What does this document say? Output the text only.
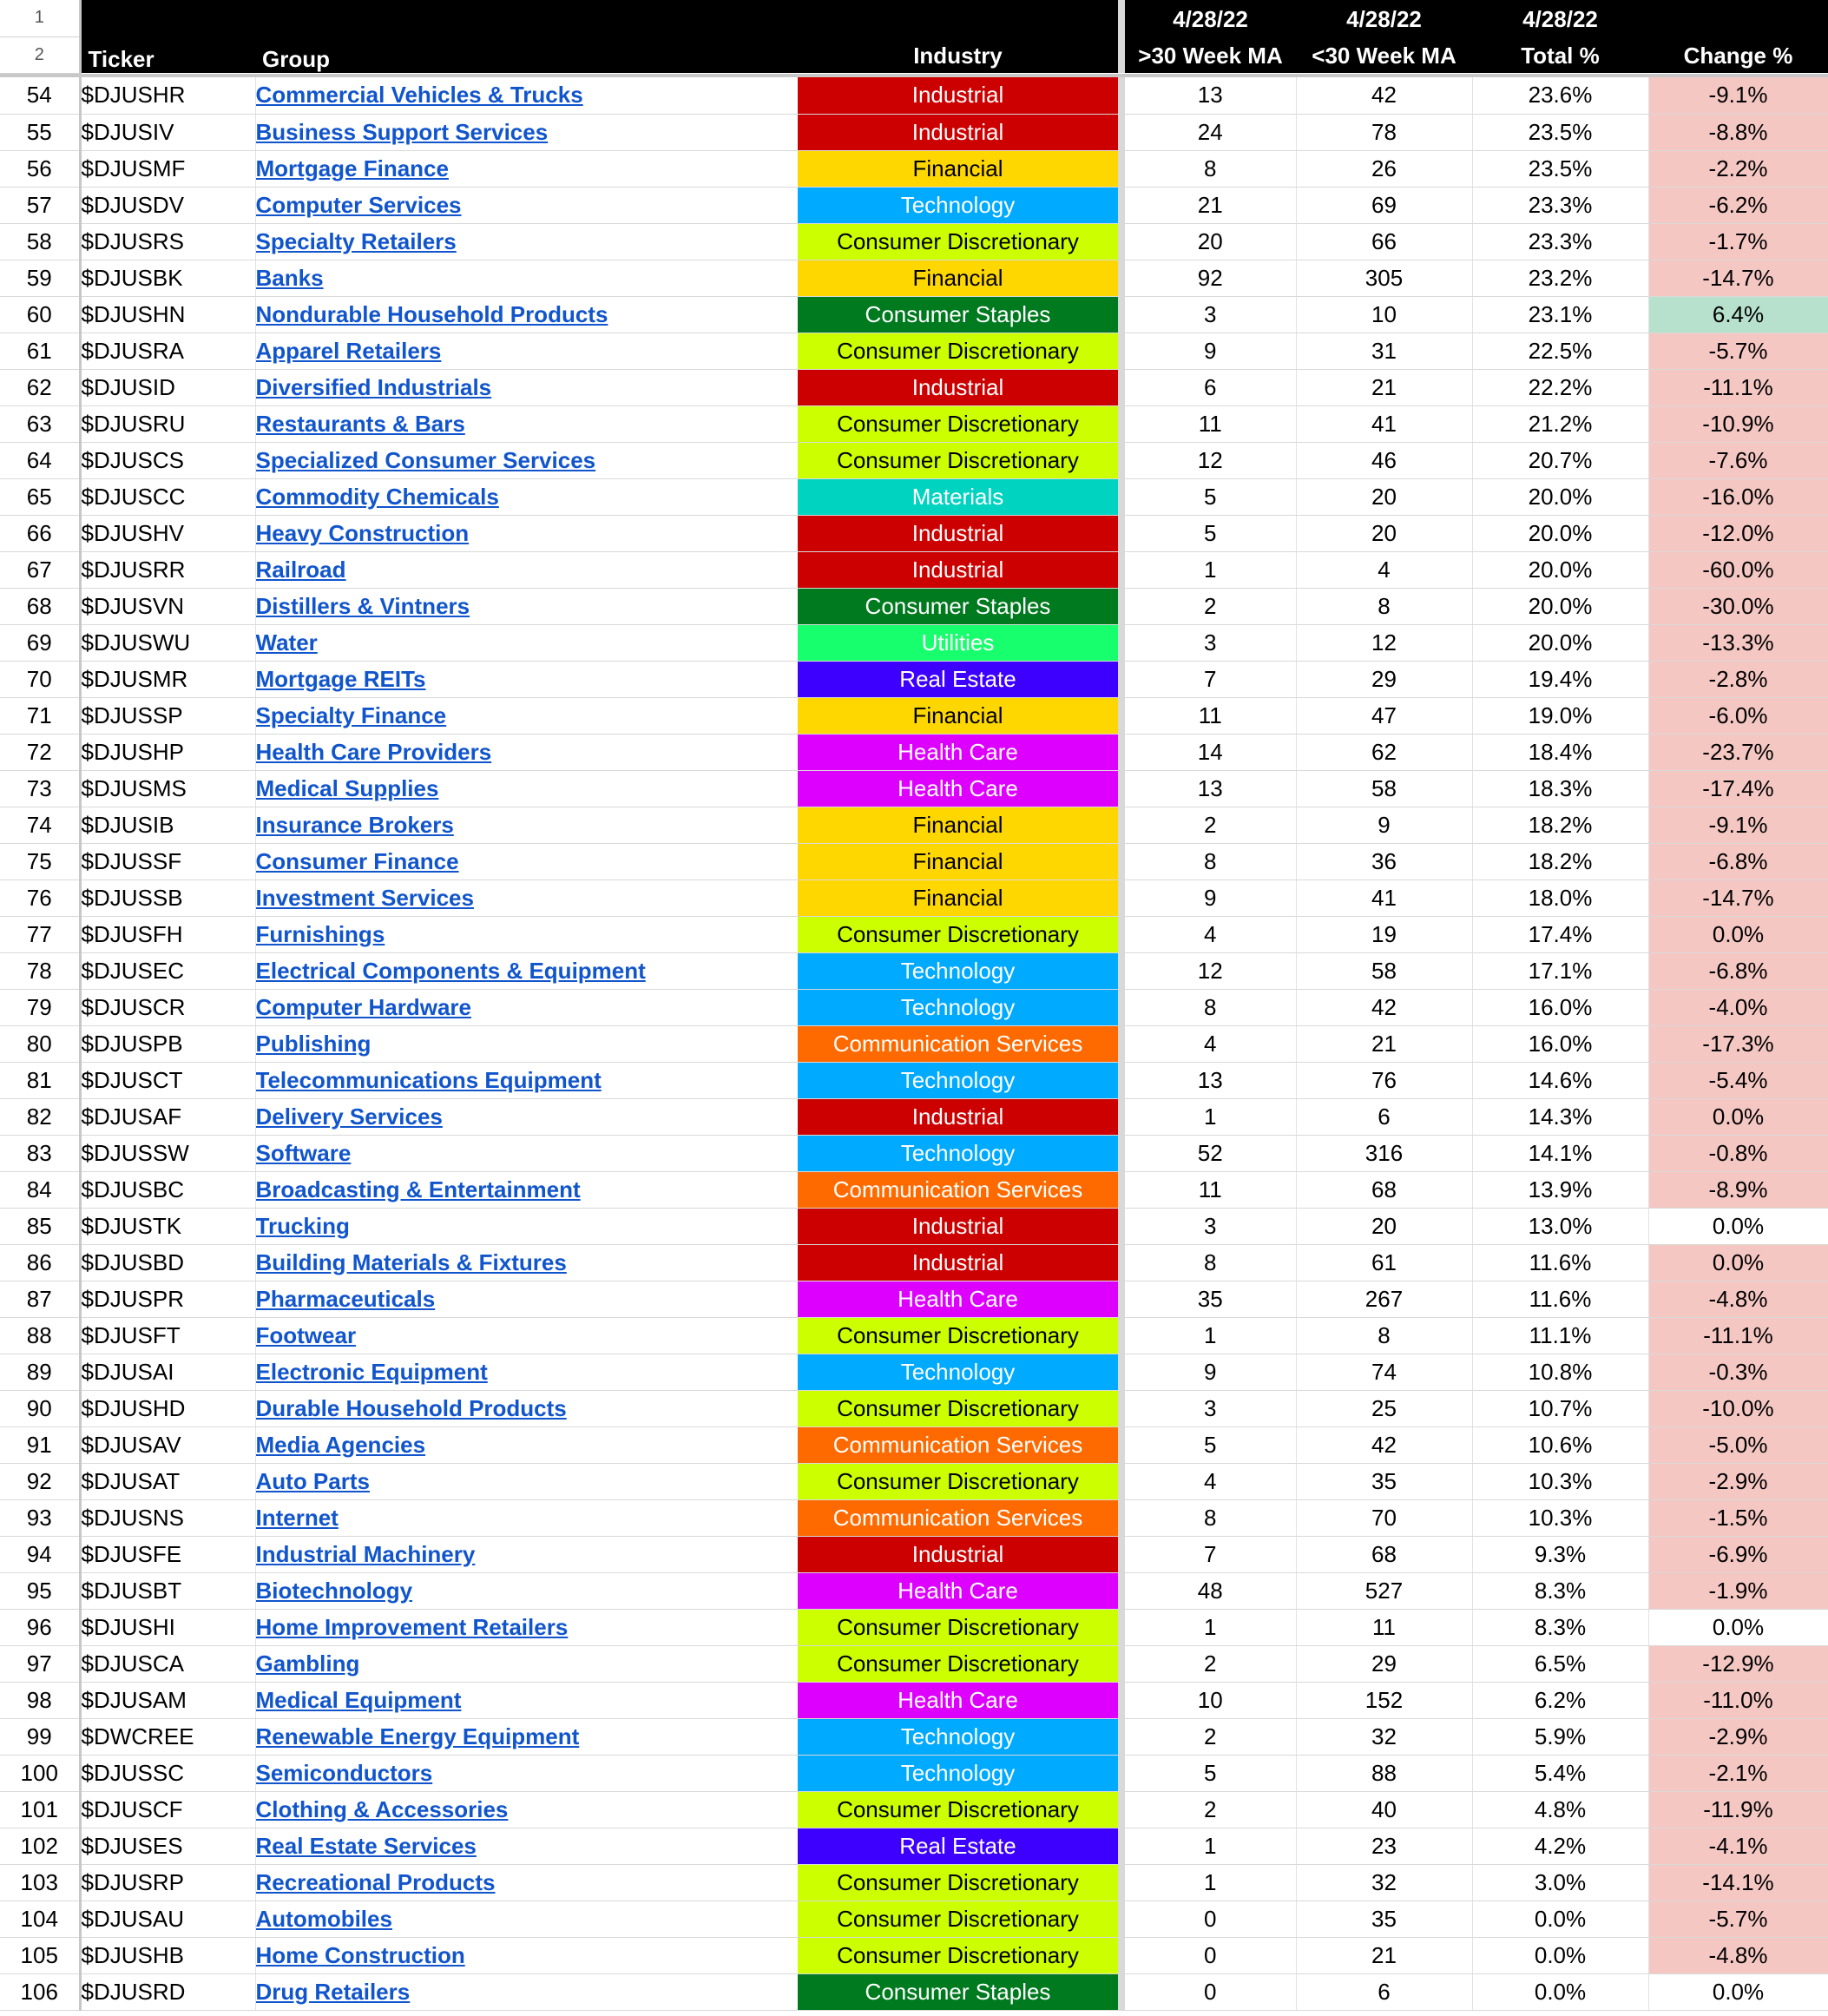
1				4/28/22	4/28/22	4/28/22	
2	Ticker	Group	Industry	>30 Week MA	<30 Week MA	Total %	Change %

54	$DJUSHR	Commercial Vehicles & Trucks	Industrial	13	42	23.6%	-9.1%
55	$DJUSIV	Business Support Services	Industrial	24	78	23.5%	-8.8%
56	$DJUSMF	Mortgage Finance	Financial	8	26	23.5%	-2.2%
57	$DJUSDV	Computer Services	Technology	21	69	23.3%	-6.2%
58	$DJUSRS	Specialty Retailers	Consumer Discretionary	20	66	23.3%	-1.7%
59	$DJUSBK	Banks	Financial	92	305	23.2%	-14.7%
60	$DJUSHN	Nondurable Household Products	Consumer Staples	3	10	23.1%	6.4%
61	$DJUSRA	Apparel Retailers	Consumer Discretionary	9	31	22.5%	-5.7%
62	$DJUSID	Diversified Industrials	Industrial	6	21	22.2%	-11.1%
63	$DJUSRU	Restaurants & Bars	Consumer Discretionary	11	41	21.2%	-10.9%
64	$DJUSCS	Specialized Consumer Services	Consumer Discretionary	12	46	20.7%	-7.6%
65	$DJUSCC	Commodity Chemicals	Materials	5	20	20.0%	-16.0%
66	$DJUSHV	Heavy Construction	Industrial	5	20	20.0%	-12.0%
67	$DJUSRR	Railroad	Industrial	1	4	20.0%	-60.0%
68	$DJUSVN	Distillers & Vintners	Consumer Staples	2	8	20.0%	-30.0%
69	$DJUSWU	Water	Utilities	3	12	20.0%	-13.3%
70	$DJUSMR	Mortgage REITs	Real Estate	7	29	19.4%	-2.8%
71	$DJUSSP	Specialty Finance	Financial	11	47	19.0%	-6.0%
72	$DJUSHP	Health Care Providers	Health Care	14	62	18.4%	-23.7%
73	$DJUSMS	Medical Supplies	Health Care	13	58	18.3%	-17.4%
74	$DJUSIB	Insurance Brokers	Financial	2	9	18.2%	-9.1%
75	$DJUSSF	Consumer Finance	Financial	8	36	18.2%	-6.8%
76	$DJUSSB	Investment Services	Financial	9	41	18.0%	-14.7%
77	$DJUSFH	Furnishings	Consumer Discretionary	4	19	17.4%	0.0%
78	$DJUSEC	Electrical Components & Equipment	Technology	12	58	17.1%	-6.8%
79	$DJUSCR	Computer Hardware	Technology	8	42	16.0%	-4.0%
80	$DJUSPB	Publishing	Communication Services	4	21	16.0%	-17.3%
81	$DJUSCT	Telecommunications Equipment	Technology	13	76	14.6%	-5.4%
82	$DJUSAF	Delivery Services	Industrial	1	6	14.3%	0.0%
83	$DJUSSW	Software	Technology	52	316	14.1%	-0.8%
84	$DJUSBC	Broadcasting & Entertainment	Communication Services	11	68	13.9%	-8.9%
85	$DJUSTK	Trucking	Industrial	3	20	13.0%	0.0%
86	$DJUSBD	Building Materials & Fixtures	Industrial	8	61	11.6%	0.0%
87	$DJUSPR	Pharmaceuticals	Health Care	35	267	11.6%	-4.8%
88	$DJUSFT	Footwear	Consumer Discretionary	1	8	11.1%	-11.1%
89	$DJUSAI	Electronic Equipment	Technology	9	74	10.8%	-0.3%
90	$DJUSHD	Durable Household Products	Consumer Discretionary	3	25	10.7%	-10.0%
91	$DJUSAV	Media Agencies	Communication Services	5	42	10.6%	-5.0%
92	$DJUSAT	Auto Parts	Consumer Discretionary	4	35	10.3%	-2.9%
93	$DJUSNS	Internet	Communication Services	8	70	10.3%	-1.5%
94	$DJUSFE	Industrial Machinery	Industrial	7	68	9.3%	-6.9%
95	$DJUSBT	Biotechnology	Health Care	48	527	8.3%	-1.9%
96	$DJUSHI	Home Improvement Retailers	Consumer Discretionary	1	11	8.3%	0.0%
97	$DJUSCA	Gambling	Consumer Discretionary	2	29	6.5%	-12.9%
98	$DJUSAM	Medical Equipment	Health Care	10	152	6.2%	-11.0%
99	$DWCREE	Renewable Energy Equipment	Technology	2	32	5.9%	-2.9%
100	$DJUSSC	Semiconductors	Technology	5	88	5.4%	-2.1%
101	$DJUSCF	Clothing & Accessories	Consumer Discretionary	2	40	4.8%	-11.9%
102	$DJUSES	Real Estate Services	Real Estate	1	23	4.2%	-4.1%
103	$DJUSRP	Recreational Products	Consumer Discretionary	1	32	3.0%	-14.1%
104	$DJUSAU	Automobiles	Consumer Discretionary	0	35	0.0%	-5.7%
105	$DJUSHB	Home Construction	Consumer Discretionary	0	21	0.0%	-4.8%
106	$DJUSRD	Drug Retailers	Consumer Staples	0	6	0.0%	0.0%
